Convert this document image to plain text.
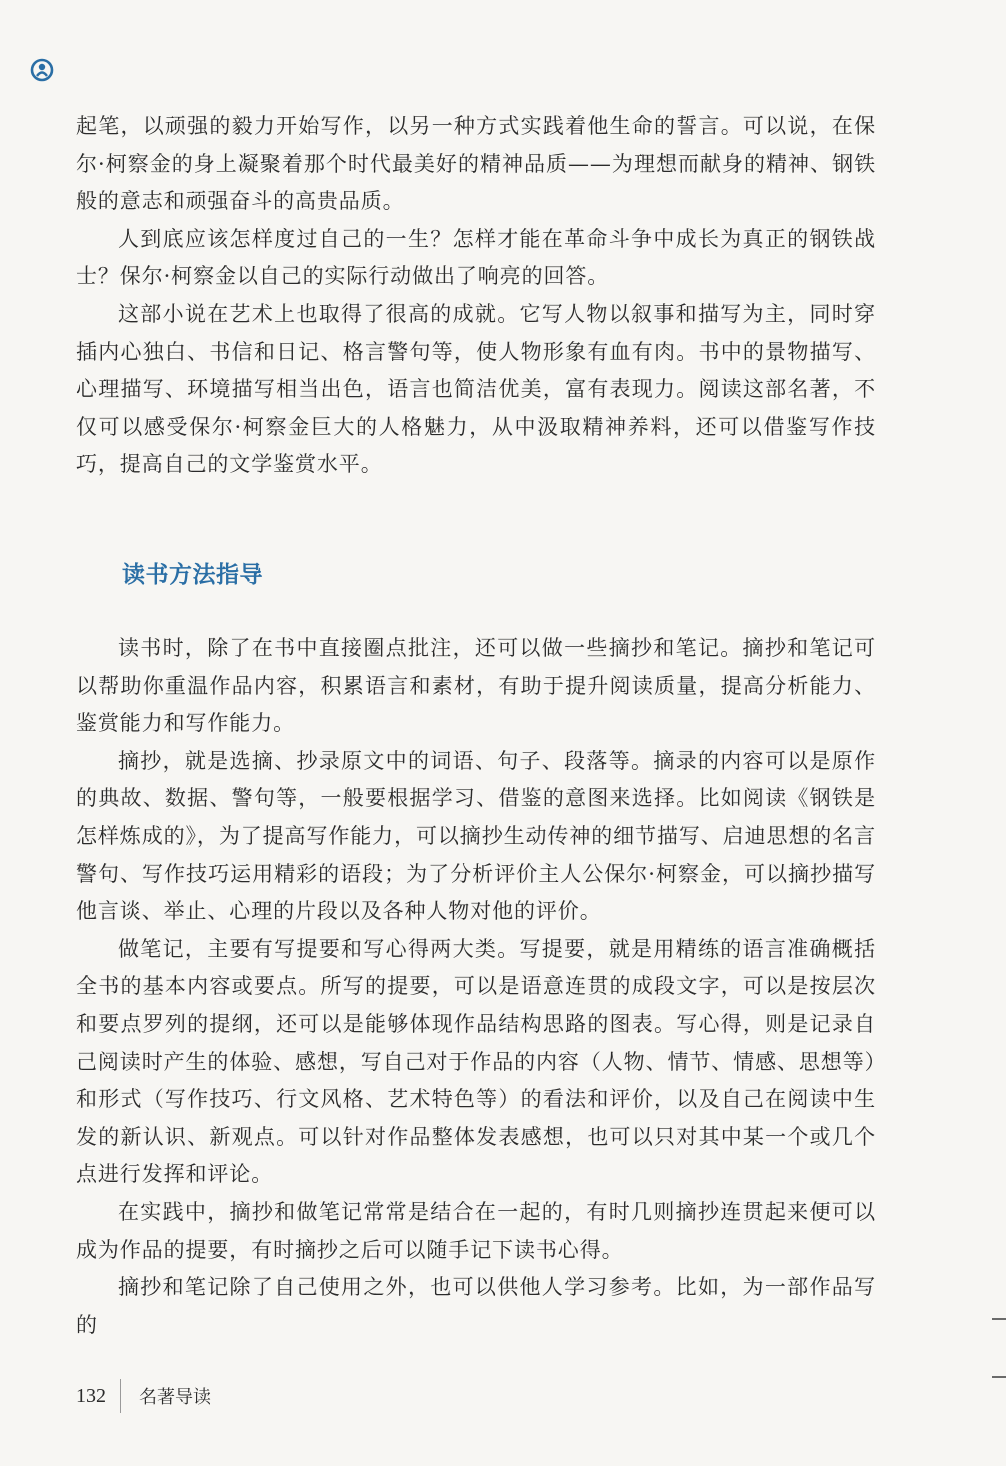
起笔，以顽强的毅力开始写作，以另一种方式实践着他生命的誓言。可以说，在保尔·柯察金的身上凝聚着那个时代最美好的精神品质——为理想而献身的精神、钢铁般的意志和顽强奋斗的高贵品质。

人到底应该怎样度过自己的一生？怎样才能在革命斗争中成长为真正的钢铁战士？保尔·柯察金以自己的实际行动做出了响亮的回答。

这部小说在艺术上也取得了很高的成就。它写人物以叙事和描写为主，同时穿插内心独白、书信和日记、格言警句等，使人物形象有血有肉。书中的景物描写、心理描写、环境描写相当出色，语言也简洁优美，富有表现力。阅读这部名著，不仅可以感受保尔·柯察金巨大的人格魅力，从中汲取精神养料，还可以借鉴写作技巧，提高自己的文学鉴赏水平。

读书方法指导

读书时，除了在书中直接圈点批注，还可以做一些摘抄和笔记。摘抄和笔记可以帮助你重温作品内容，积累语言和素材，有助于提升阅读质量，提高分析能力、鉴赏能力和写作能力。

摘抄，就是选摘、抄录原文中的词语、句子、段落等。摘录的内容可以是原作的典故、数据、警句等，一般要根据学习、借鉴的意图来选择。比如阅读《钢铁是怎样炼成的》，为了提高写作能力，可以摘抄生动传神的细节描写、启迪思想的名言警句、写作技巧运用精彩的语段；为了分析评价主人公保尔·柯察金，可以摘抄描写他言谈、举止、心理的片段以及各种人物对他的评价。

做笔记，主要有写提要和写心得两大类。写提要，就是用精练的语言准确概括全书的基本内容或要点。所写的提要，可以是语意连贯的成段文字，可以是按层次和要点罗列的提纲，还可以是能够体现作品结构思路的图表。写心得，则是记录自己阅读时产生的体验、感想，写自己对于作品的内容（人物、情节、情感、思想等）和形式（写作技巧、行文风格、艺术特色等）的看法和评价，以及自己在阅读中生发的新认识、新观点。可以针对作品整体发表感想，也可以只对其中某一个或几个点进行发挥和评论。

在实践中，摘抄和做笔记常常是结合在一起的，有时几则摘抄连贯起来便可以成为作品的提要，有时摘抄之后可以随手记下读书心得。

摘抄和笔记除了自己使用之外，也可以供他人学习参考。比如，为一部作品写的

132 名著导读
